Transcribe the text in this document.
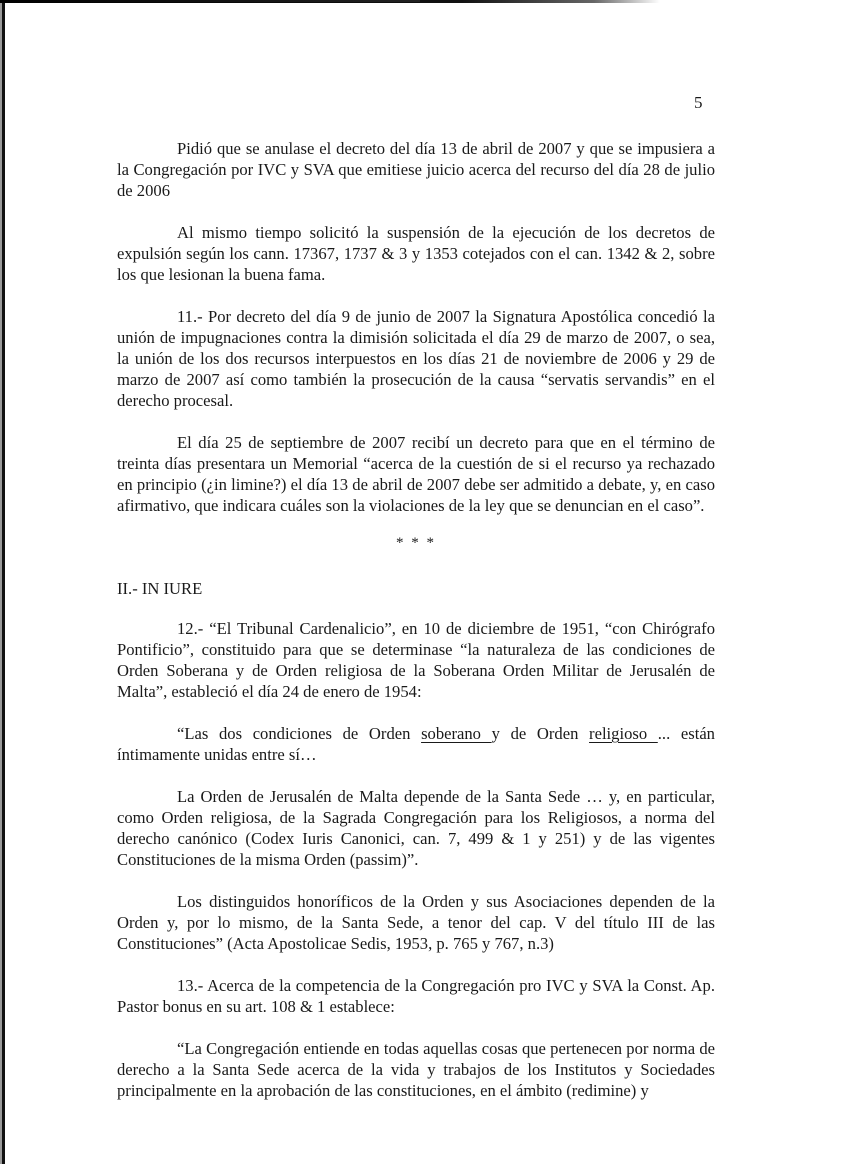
5

Pidió que se anulase el decreto del día 13 de abril de 2007 y que se impusiera a la Congregación por IVC y SVA que emitiese juicio acerca del recurso del día 28 de julio de 2006

Al mismo tiempo solicitó la suspensión de la ejecución de los decretos de expulsión según los cann. 17367, 1737 & 3 y 1353 cotejados con el can. 1342 & 2, sobre los que lesionan la buena fama.

11.- Por decreto del día 9 de junio de 2007 la Signatura Apostólica concedió la unión de impugnaciones contra la dimisión solicitada el día 29 de marzo de 2007, o sea, la unión de los dos recursos interpuestos en los días 21 de noviembre de 2006 y 29 de marzo de 2007 así como también la prosecución de la causa “servatis servandis” en el derecho procesal.

El día 25 de septiembre de 2007 recibí un decreto para que en el término de treinta días presentara un Memorial “acerca de la cuestión de si el recurso ya rechazado en principio (¿in limine?) el día 13 de abril de 2007 debe ser admitido a debate, y, en caso afirmativo, que indicara cuáles son la violaciones de la ley que se denuncian en el caso”.

* * *

II.- IN IURE

12.- “El Tribunal Cardenalicio”, en 10 de diciembre de 1951, “con Chirógrafo Pontificio”, constituido para que se determinase “la naturaleza de las condiciones de Orden Soberana y de Orden religiosa de la Soberana Orden Militar de Jerusalén de Malta”, estableció el día 24 de enero de 1954:

“Las dos condiciones de Orden soberano y de Orden religioso ... están íntimamente unidas entre sí…

La Orden de Jerusalén de Malta depende de la Santa Sede … y, en particular, como Orden religiosa, de la Sagrada Congregación para los Religiosos, a norma del derecho canónico (Codex Iuris Canonici, can. 7, 499 & 1 y 251) y de las vigentes Constituciones de la misma Orden (passim)”.

Los distinguidos honoríficos de la Orden y sus Asociaciones dependen de la Orden y, por lo mismo, de la Santa Sede, a tenor del cap. V del título III de las Constituciones” (Acta Apostolicae Sedis, 1953, p. 765 y 767, n.3)

13.- Acerca de la competencia de la Congregación pro IVC y SVA la Const. Ap. Pastor bonus en su art. 108 & 1 establece:

“La Congregación entiende en todas aquellas cosas que pertenecen por norma de derecho a la Santa Sede acerca de la vida y trabajos de los Institutos y Sociedades principalmente en la aprobación de las constituciones, en el ámbito (redimine) y
